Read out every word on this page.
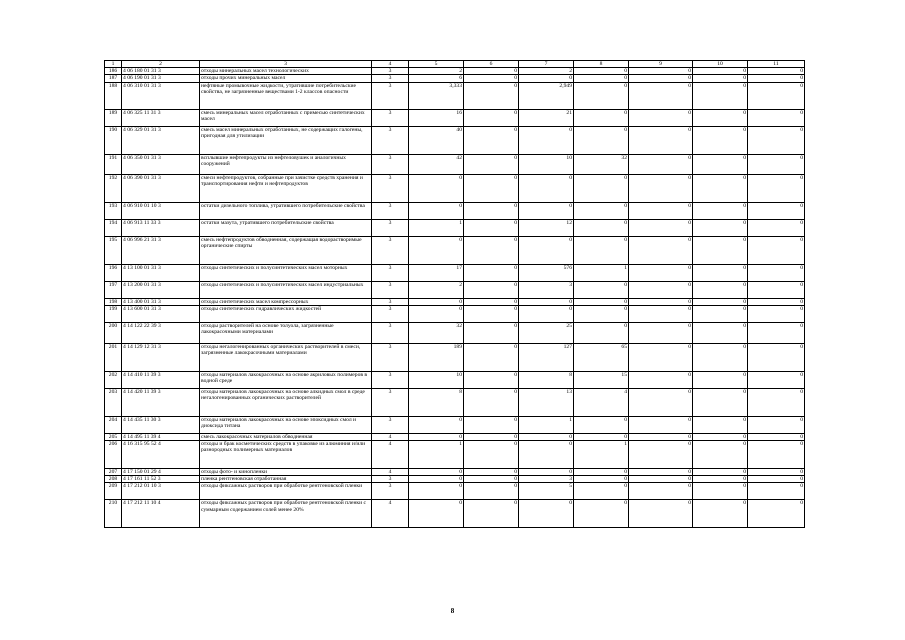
1	2	3	4	5	6	7	8	9	10	11
186	4 06 180 01 31 3	отходы минеральных масел технологических	3	2	0	2	0	0	0	0
187	4 06 190 01 31 3	отходы прочих минеральных масел	3	6	0	0	0	0	0	0
188	4 06 310 01 31 3	нефтяные промывочные жидкости, утратившие потребительские свойства, не загрязненные веществами 1-2 классов опасности	3	3,333	0	2,949	0	0	0	0
189	4 06 325 11 31 3	смесь минеральных масел отработанных с примесью синтетических масел	3	16	0	21	0	0	0	0
190	4 06 329 01 31 3	смесь масел минеральных отработанных, не содержащих галогены, пригодная для утилизации	3	40	0	0	0	0	0	0
191	4 06 350 01 31 3	всплывшие нефтепродукты из нефтеловушек и аналогичных сооружений	3	42	0	10	32	0	0	0
192	4 06 390 01 31 3	смеси нефтепродуктов, собранные при зачистке средств хранения и транспортирования нефти и нефтепродуктов	3	0	0	0	0	0	0	0
193	4 06 910 01 10 3	остатки дизельного топлива, утратившего потребительские свойства	3	0	0	0	0	0	0	0
194	4 06 913 11 33 3	остатки мазута, утратившего потребительские свойства	3	1	0	12	0	0	0	0
195	4 06 996 21 31 3	смесь нефтепродуктов обводненная, содержащая водорастворимые органические спирты	3	0	0	0	0	0	0	0
196	4 13 100 01 31 3	отходы синтетических и полусинтетических масел моторных	3	17	0	576	1	0	0	0
197	4 13 200 01 31 3	отходы синтетических и полусинтетических масел индустриальных	3	2	0	3	0	0	0	0
198	4 13 400 01 31 3	отходы синтетических масел компрессорных	3	0	0	0	0	0	0	0
199	4 13 600 01 31 3	отходы синтетических гидравлических жидкостей	3	0	0	0	0	0	0	0
200	4 14 122 22 39 3	отходы растворителей на основе толуола, загрязненные лакокрасочными материалами	3	32	0	25	0	0	0	0
201	4 14 129 12 31 3	отходы негалогенированных органических растворителей в смеси, загрязненные лакокрасочными материалами	3	189	0	127	65	0	0	0
202	4 14 410 11 39 3	отходы материалов лакокрасочных на основе акриловых полимеров в водной среде	3	10	0	8	15	0	0	0
203	4 14 420 11 39 3	отходы материалов лакокрасочных на основе алкидных смол в среде негалогенированных органических растворителей	3	8	0	13	4	0	0	0
204	4 14 435 11 30 3	отходы материалов лакокрасочных на основе эпоксидных смол и диоксида титана	3	0	0	1	0	0	0	0
205	4 14 495 11 39 4	смесь лакокрасочных материалов обводненная	4	0	0	0	0	0	0	0
206	4 16 315 95 52 4	отходы и брак косметических средств в упаковке из алюминия и/или разнородных полимерных материалов	4	1	0	0	1	0	0	0
207	4 17 150 01 29 4	отходы фото- и кинопленки	4	0	0	0	0	0	0	0
208	4 17 161 11 52 3	пленка рентгеновская отработанная	3	0	0	3	0	0	0	0
209	4 17 212 01 10 3	отходы фиксажных растворов при обработке рентгеновской пленки	3	0	0	5	0	0	0	0
210	4 17 212 11 10 4	отходы фиксажных растворов при обработке рентгеновской пленки с суммарным содержанием солей менее 20%	4	0	0	0	0	0	0	0
8
